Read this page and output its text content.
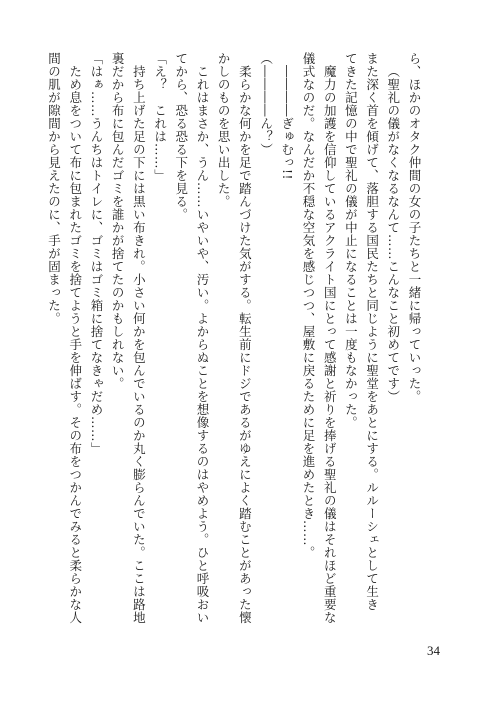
ら、ほかのオタク仲間の女の子たちと一緒に帰っていった。

（聖礼の儀がなくなるなんて……こんなこと初めてです）

また深く首を傾げて、落胆する国民たちと同じように聖堂をあとにする。ルルーシェとして生き

てきた記憶の中で聖礼の儀が中止になることは一度もなかった。

魔力の加護を信仰しているアクライト国にとって感謝と祈りを捧げる聖礼の儀はそれほど重要な

儀式なのだ。なんだか不穏な空気を感じつつ、屋敷に戻るために足を進めたとき……。

――――ぎゅむっ!!

（――――ん？）

柔らかな何かを足で踏んづけた気がする。転生前にドジであるがゆえによく踏むことがあった懐

かしのものを思い出した。

これはまさか、うん……いやいや、汚い。よからぬことを想像するのはやめよう。ひと呼吸おい

てから、恐る恐る下を見る。

「え？　これは……」

持ち上げた足の下には黒い布きれ。小さい何かを包んでいるのか丸く膨らんでいた。ここは路地

裏だから布に包んだゴミを誰かが捨てたのかもしれない。

「はぁ……うんちはトイレに、ゴミはゴミ箱に捨てなきゃだめ……」

ため息をついて布に包まれたゴミを捨てようと手を伸ばす。その布をつかんでみると柔らかな人

間の肌が隙間から見えたのに、手が固まった。

34
